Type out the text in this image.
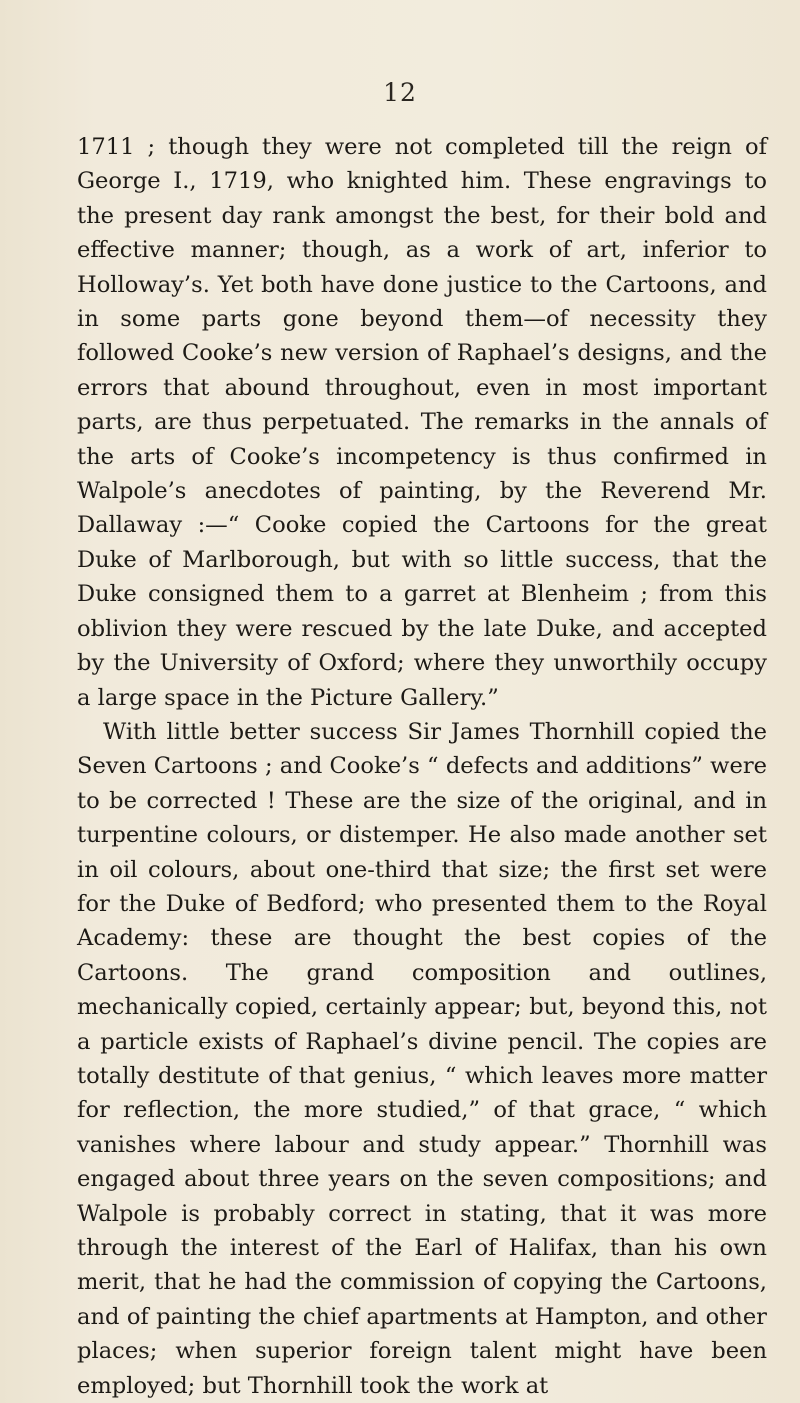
12

1711 ; though they were not completed till the reign of George I., 1719, who knighted him. These engravings to the present day rank amongst the best, for their bold and effective manner; though, as a work of art, inferior to Holloway’s. Yet both have done justice to the Cartoons, and in some parts gone beyond them—of necessity they followed Cooke’s new version of Raphael’s designs, and the errors that abound throughout, even in most important parts, are thus perpetuated. The remarks in the annals of the arts of Cooke’s incompetency is thus confirmed in Walpole’s anecdotes of painting, by the Reverend Mr. Dallaway :—“ Cooke copied the Cartoons for the great Duke of Marlborough, but with so little success, that the Duke consigned them to a garret at Blenheim ; from this oblivion they were rescued by the late Duke, and accepted by the University of Oxford; where they unworthily occupy a large space in the Picture Gallery.”

With little better success Sir James Thornhill copied the Seven Cartoons ; and Cooke’s “ defects and additions” were to be corrected ! These are the size of the original, and in turpentine colours, or distemper. He also made another set in oil colours, about one-third that size; the first set were for the Duke of Bedford; who presented them to the Royal Academy: these are thought the best copies of the Cartoons. The grand composition and outlines, mechanically copied, certainly appear; but, beyond this, not a particle exists of Raphael’s divine pencil. The copies are totally destitute of that genius, “ which leaves more matter for reflection, the more studied,” of that grace, “ which vanishes where labour and study appear.” Thornhill was engaged about three years on the seven compositions; and Walpole is probably correct in stating, that it was more through the interest of the Earl of Halifax, than his own merit, that he had the commission of copying the Cartoons, and of painting the chief apartments at Hampton, and other places; when superior foreign talent might have been employed; but Thornhill took the work at
